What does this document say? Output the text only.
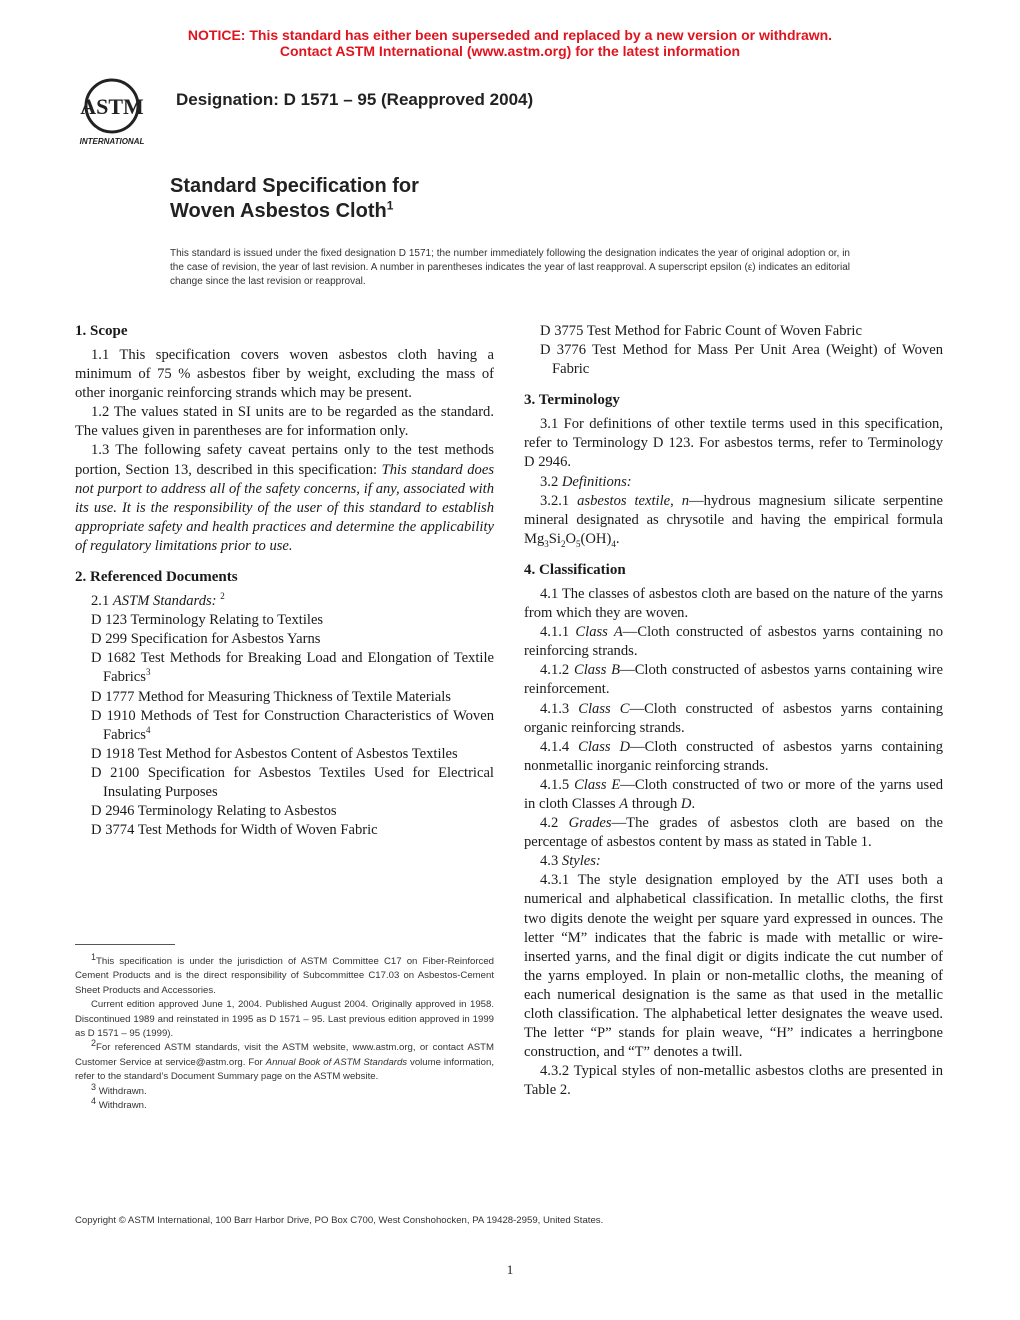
NOTICE: This standard has either been superseded and replaced by a new version or withdrawn.
Contact ASTM International (www.astm.org) for the latest information
ASTM
INTERNATIONAL
Designation: D 1571 – 95 (Reapproved 2004)
Standard Specification for
Woven Asbestos Cloth$^1$
This standard is issued under the fixed designation D 1571; the number immediately following the designation indicates the year of original adoption or, in the case of revision, the year of last revision. A number in parentheses indicates the year of last reapproval. A superscript epsilon (ε) indicates an editorial change since the last revision or reapproval.
1. Scope

1.1 This specification covers woven asbestos cloth having a minimum of 75 % asbestos fiber by weight, excluding the mass of other inorganic reinforcing strands which may be present.

1.2 The values stated in SI units are to be regarded as the standard. The values given in parentheses are for information only.

1.3 The following safety caveat pertains only to the test methods portion, Section 13, described in this specification: This standard does not purport to address all of the safety concerns, if any, associated with its use. It is the responsibility of the user of this standard to establish appropriate safety and health practices and determine the applicability of regulatory limitations prior to use.

2. Referenced Documents

2.1 ASTM Standards: $^2$

D 123 Terminology Relating to Textiles

D 299 Specification for Asbestos Yarns

D 1682 Test Methods for Breaking Load and Elongation of Textile Fabrics$^3$

D 1777 Method for Measuring Thickness of Textile Materials

D 1910 Methods of Test for Construction Characteristics of Woven Fabrics$^4$

D 1918 Test Method for Asbestos Content of Asbestos Textiles

D 2100 Specification for Asbestos Textiles Used for Electrical Insulating Purposes

D 2946 Terminology Relating to Asbestos

D 3774 Test Methods for Width of Woven Fabric

$^1$This specification is under the jurisdiction of ASTM Committee C17 on Fiber-Reinforced Cement Products and is the direct responsibility of Subcommittee C17.03 on Asbestos-Cement Sheet Products and Accessories.

Current edition approved June 1, 2004. Published August 2004. Originally approved in 1958. Discontinued 1989 and reinstated in 1995 as D 1571 – 95. Last previous edition approved in 1999 as D 1571 – 95 (1999).

$^2$For referenced ASTM standards, visit the ASTM website, www.astm.org, or contact ASTM Customer Service at service@astm.org. For Annual Book of ASTM Standards volume information, refer to the standard’s Document Summary page on the ASTM website.

$^3$ Withdrawn.

$^4$ Withdrawn.

D 3775 Test Method for Fabric Count of Woven Fabric

D 3776 Test Method for Mass Per Unit Area (Weight) of Woven Fabric

3. Terminology

3.1 For definitions of other textile terms used in this specification, refer to Terminology D 123. For asbestos terms, refer to Terminology D 2946.

3.2 Definitions:

3.2.1 asbestos textile, n—hydrous magnesium silicate serpentine mineral designated as chrysotile and having the empirical formula $Mg_3Si_2O_5(OH)_4$.

4. Classification

4.1 The classes of asbestos cloth are based on the nature of the yarns from which they are woven.

4.1.1 Class A—Cloth constructed of asbestos yarns containing no reinforcing strands.

4.1.2 Class B—Cloth constructed of asbestos yarns containing wire reinforcement.

4.1.3 Class C—Cloth constructed of asbestos yarns containing organic reinforcing strands.

4.1.4 Class D—Cloth constructed of asbestos yarns containing nonmetallic inorganic reinforcing strands.

4.1.5 Class E—Cloth constructed of two or more of the yarns used in cloth Classes A through D.

4.2 Grades—The grades of asbestos cloth are based on the percentage of asbestos content by mass as stated in Table 1.

4.3 Styles:

4.3.1 The style designation employed by the ATI uses both a numerical and alphabetical classification. In metallic cloths, the first two digits denote the weight per square yard expressed in ounces. The letter “M” indicates that the fabric is made with metallic or wire-inserted yarns, and the final digit or digits indicate the cut number of the yarns employed. In plain or non-metallic cloths, the meaning of each numerical designation is the same as that used in the metallic cloth classification. The alphabetical letter designates the weave used. The letter “P” stands for plain weave, “H” indicates a herringbone construction, and “T” denotes a twill.

4.3.2 Typical styles of non-metallic asbestos cloths are presented in Table 2.

Copyright © ASTM International, 100 Barr Harbor Drive, PO Box C700, West Conshohocken, PA 19428-2959, United States.
1
